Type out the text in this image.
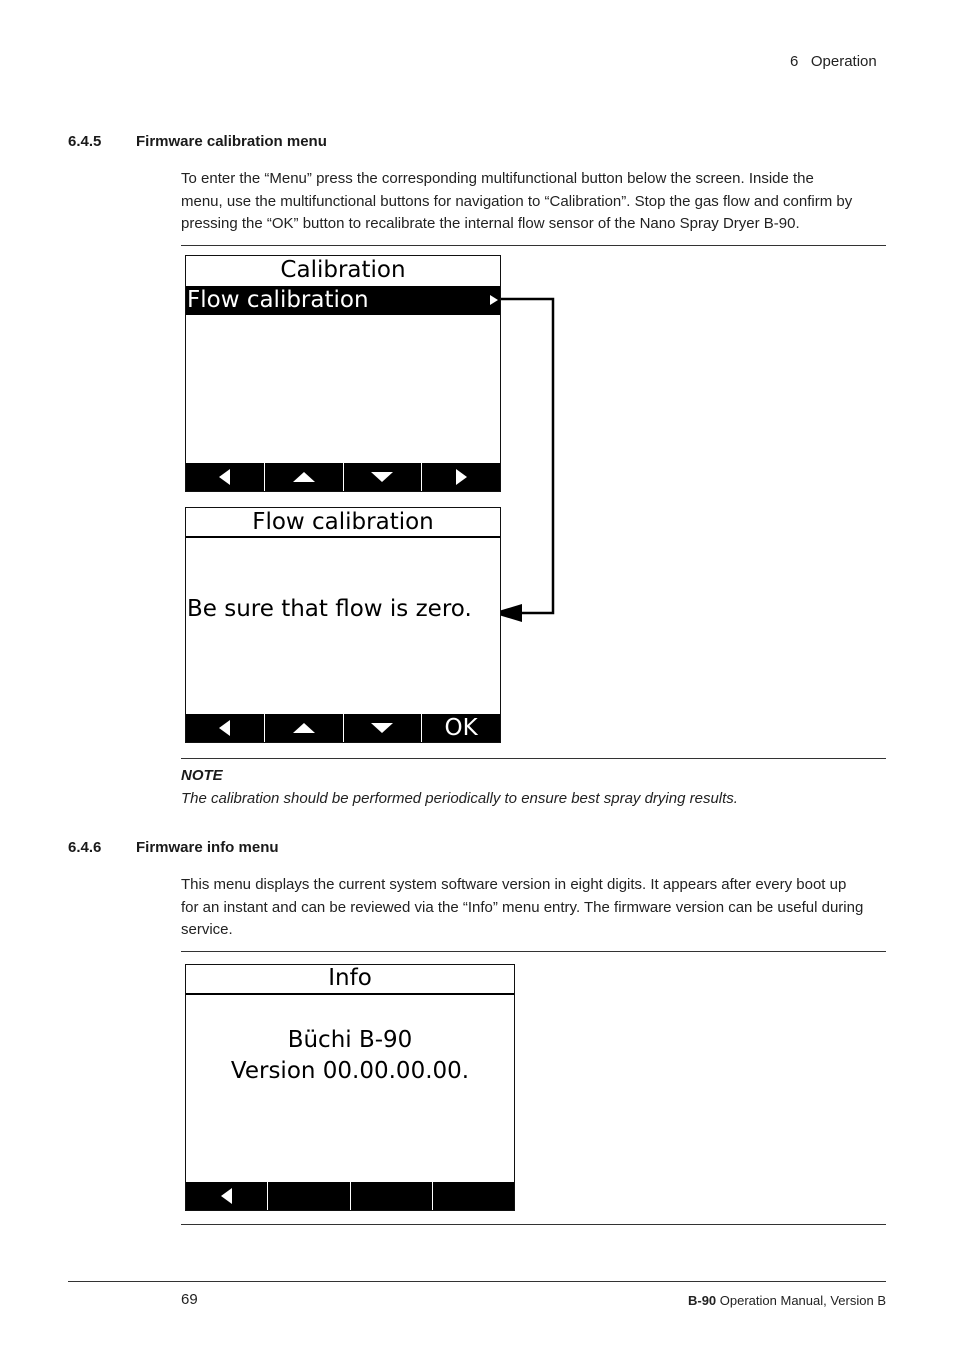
6 Operation
6.4.5 Firmware calibration menu
To enter the “Menu” press the corresponding multifunctional button below the screen. Inside the
menu, use the multifunctional buttons for navigation to “Calibration”. Stop the gas flow and confirm by
pressing the “OK” button to recalibrate the internal flow sensor of the Nano Spray Dryer B-90.
Calibration
Flow calibration
Flow calibration
Be sure that flow is zero.
OK
NOTE
The calibration should be performed periodically to ensure best spray drying results.
6.4.6 Firmware info menu
This menu displays the current system software version in eight digits. It appears after every boot up
for an instant and can be reviewed via the “Info” menu entry. The firmware version can be useful during
service.
Info
Büchi B-90
Version 00.00.00.00.
69	B-90 Operation Manual, Version B
